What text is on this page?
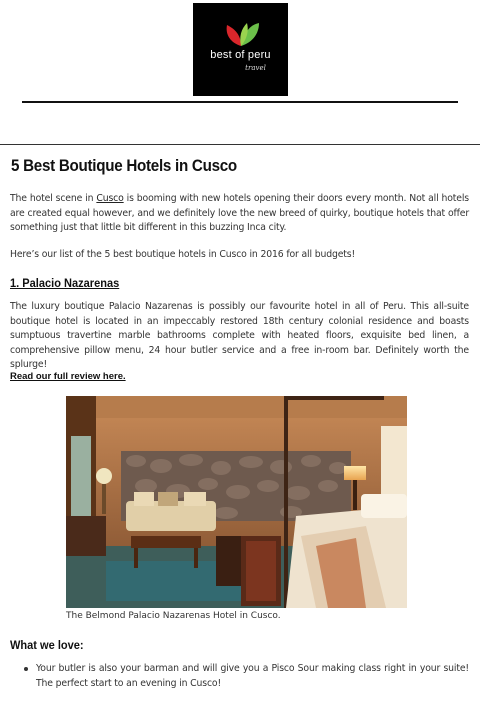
best of peru
travel
5 Best Boutique Hotels in Cusco

The hotel scene in Cusco is booming with new hotels opening their doors every month. Not all hotels are created equal however, and we definitely love the new breed of quirky, boutique hotels that offer something just that little bit different in this buzzing Inca city.

Here’s our list of the 5 best boutique hotels in Cusco in 2016 for all budgets!

1. Palacio Nazarenas

The luxury boutique Palacio Nazarenas is possibly our favourite hotel in all of Peru. This all-suite boutique hotel is located in an impeccably restored 18th century colonial residence and boasts sumptuous travertine marble bathrooms complete with heated floors, exquisite bed linen, a comprehensive pillow menu, 24 hour butler service and a free in-room bar. Definitely worth the splurge!

Read our full review here.
The Belmond Palacio Nazarenas Hotel in Cusco.
What we love:
Your butler is also your barman and will give you a Pisco Sour making class right in your suite! The perfect start to an evening in Cusco!
